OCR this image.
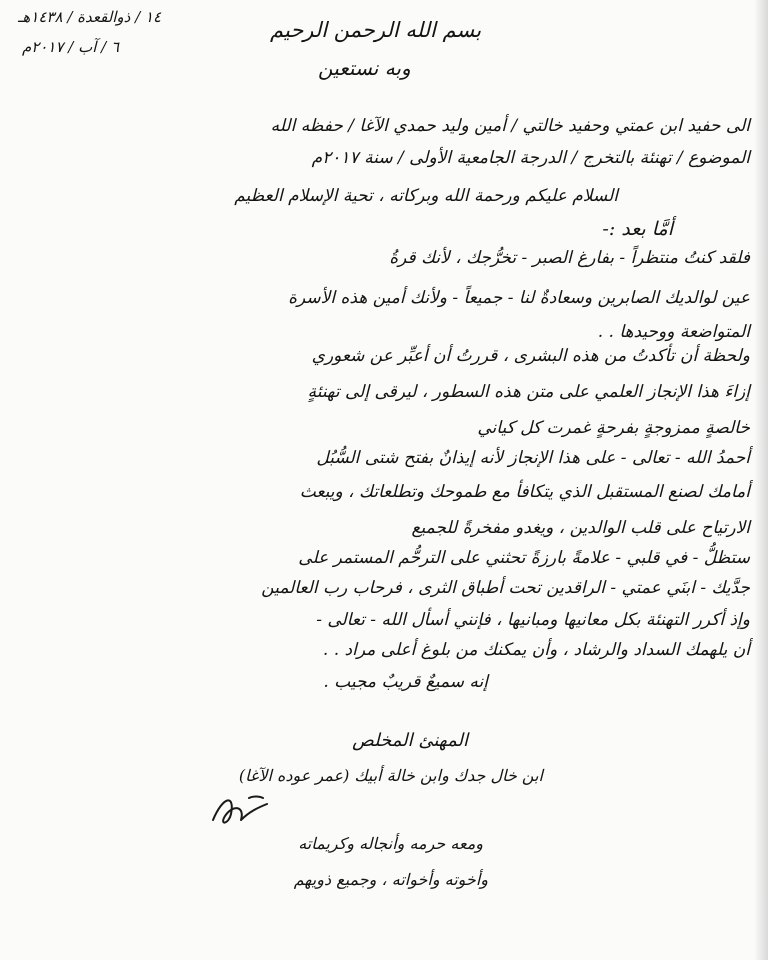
١٤ / ذوالقعدة / ١٤٣٨هـ
٦ / آب / ٢٠١٧م
بسم الله الرحمن الرحيم
وبه نستعين
الى حفيد ابن عمتي وحفيد خالتي / أمين وليد حمدي الآغا / حفظه الله
الموضوع / تهنئة بالتخرج / الدرجة الجامعية الأولى / سنة ٢٠١٧م
السلام عليكم ورحمة الله وبركاته ، تحية الإسلام العظيم
أمَّا بعد :-
فلقد كنتُ منتظراً - بفارغ الصبر - تخرُّجك ، لأنك قرةُ
عين لوالديك الصابرين وسعادةٌ لنا - جميعاً - ولأنك أمين هذه الأسرة
المتواضعة ووحيدها . .
ولحظة أن تأكدتُ من هذه البشرى ، قررتُ أن أعبِّر عن شعوري
إزاءَ هذا الإنجاز العلمي على متن هذه السطور ، ليرقى إلى تهنئةٍ
خالصةٍ ممزوجةٍ بفرحةٍ غمرت كل كياني
أحمدُ الله - تعالى - على هذا الإنجاز لأنه إيذانٌ بفتح شتى السُّبُل
أمامك لصنع المستقبل الذي يتكافأ مع طموحك وتطلعاتك ، ويبعث
الارتياح على قلب الوالدين ، ويغدو مفخرةً للجميع
ستظلُّ - في قلبي - علامةً بارزةً تحثني على الترحُّم المستمر على
جدَّيك - ابنَي عمتي - الراقدين تحت أطباق الثرى ، فرحاب رب العالمين
وإذ أكرر التهنئة بكل معانيها ومبانيها ، فإنني أسأل الله - تعالى -
أن يلهمك السداد والرشاد ، وأن يمكنك من بلوغ أعلى مراد . .
إنه سميعٌ قريبٌ مجيب .
المهنئ المخلص
ابن خال جدك وابن خالة أبيك (عمر عوده الآغا)
ومعه حرمه وأنجاله وكريماته
وأخوته وأخواته ، وجميع ذويهم
